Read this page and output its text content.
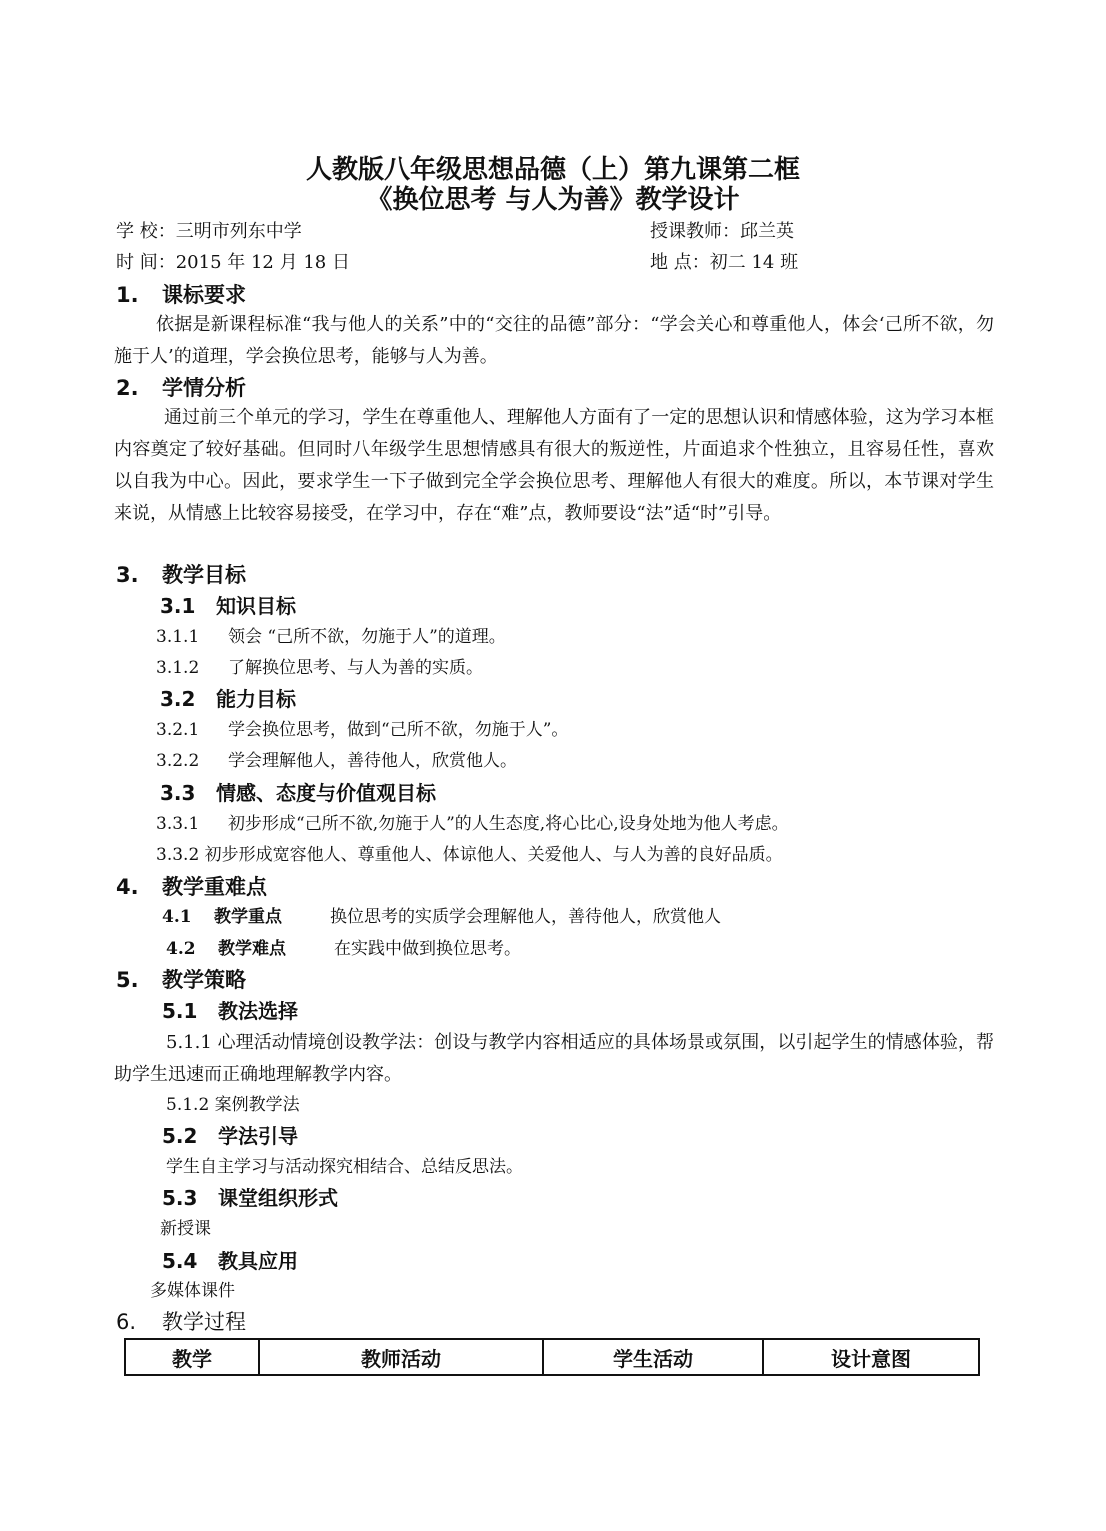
人教版八年级思想品德（上）第九课第二框
《换位思考 与人为善》教学设计
学 校：三明市列东中学	授课教师：邱兰英
时 间：2015 年 12 月 18 日	地 点：初二 14 班
1. 课标要求
依据是新课程标准“我与他人的关系”中的“交往的品德”部分：“学会关心和尊重他人，体会‘己所不欲，勿施于人’的道理，学会换位思考，能够与人为善。
2. 学情分析
通过前三个单元的学习，学生在尊重他人、理解他人方面有了一定的思想认识和情感体验，这为学习本框内容奠定了较好基础。但同时八年级学生思想情感具有很大的叛逆性，片面追求个性独立，且容易任性，喜欢以自我为中心。因此，要求学生一下子做到完全学会换位思考、理解他人有很大的难度。所以，本节课对学生来说，从情感上比较容易接受，在学习中，存在“难”点，教师要设“法”适“时”引导。
3. 教学目标
3.1 知识目标
3.1.1 领会 “己所不欲，勿施于人”的道理。
3.1.2 了解换位思考、与人为善的实质。
3.2 能力目标
3.2.1 学会换位思考，做到“己所不欲，勿施于人”。
3.2.2 学会理解他人，善待他人，欣赏他人。
3.3 情感、态度与价值观目标
3.3.1 初步形成“己所不欲,勿施于人”的人生态度,将心比心,设身处地为他人考虑。
3.3.2 初步形成宽容他人、尊重他人、体谅他人、关爱他人、与人为善的良好品质。
4. 教学重难点
4.1 教学重点	换位思考的实质学会理解他人，善待他人，欣赏他人
4.2 教学难点	在实践中做到换位思考。
5. 教学策略
5.1 教法选择
5.1.1 心理活动情境创设教学法：创设与教学内容相适应的具体场景或氛围，以引起学生的情感体验，帮助学生迅速而正确地理解教学内容。
5.1.2 案例教学法
5.2 学法引导
学生自主学习与活动探究相结合、总结反思法。
5.3 课堂组织形式
新授课
5.4 教具应用
多媒体课件
6. 教学过程
教学	教师活动	学生活动	设计意图
